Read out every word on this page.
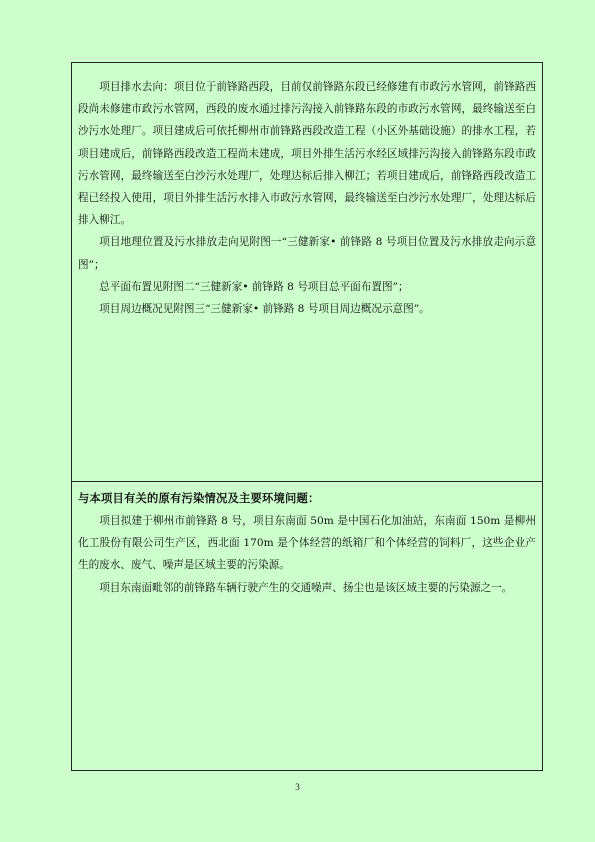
项目排水去向：项目位于前锋路西段，目前仅前锋路东段已经修建有市政污水管网，前锋路西段尚未修建市政污水管网，西段的废水通过排污沟接入前锋路东段的市政污水管网，最终输送至白沙污水处理厂。项目建成后可依托柳州市前锋路西段改造工程（小区外基础设施）的排水工程，若项目建成后，前锋路西段改造工程尚未建成，项目外排生活污水经区域排污沟接入前锋路东段市政污水管网，最终输送至白沙污水处理厂，处理达标后排入柳江；若项目建成后，前锋路西段改造工程已经投入使用，项目外排生活污水排入市政污水管网，最终输送至白沙污水处理厂，处理达标后排入柳江。

项目地理位置及污水排放走向见附图一“三健新家• 前锋路 8 号项目位置及污水排放走向示意图”；

总平面布置见附图二“三健新家• 前锋路 8 号项目总平面布置图”；

项目周边概况见附图三“三健新家• 前锋路 8 号项目周边概况示意图”。

与本项目有关的原有污染情况及主要环境问题：

项目拟建于柳州市前锋路 8 号，项目东南面 50m 是中国石化加油站，东南面 150m 是柳州化工股份有限公司生产区，西北面 170m 是个体经营的纸箱厂和个体经营的饲料厂，这些企业产生的废水、废气、噪声是区域主要的污染源。

项目东南面毗邻的前锋路车辆行驶产生的交通噪声、扬尘也是该区域主要的污染源之一。

3
